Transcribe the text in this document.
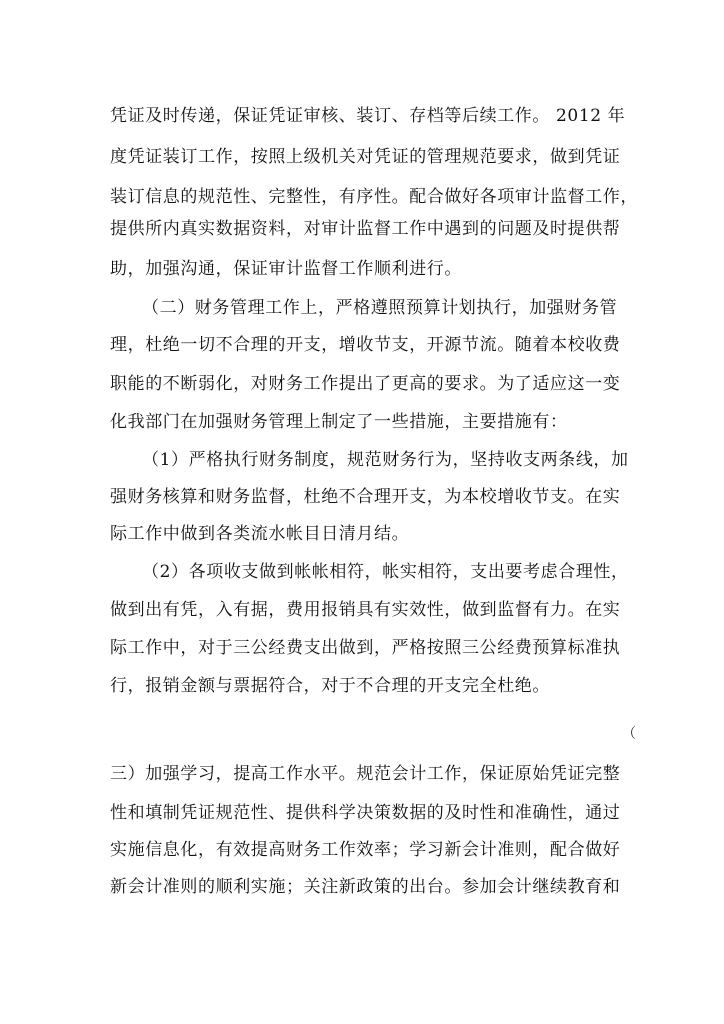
凭证及时传递，保证凭证审核、装订、存档等后续工作。 2012 年
度凭证装订工作，按照上级机关对凭证的管理规范要求，做到凭证
装订信息的规范性、完整性，有序性。配合做好各项审计监督工作，
提供所内真实数据资料，对审计监督工作中遇到的问题及时提供帮
助，加强沟通，保证审计监督工作顺利进行。
（二）财务管理工作上，严格遵照预算计划执行，加强财务管
理，杜绝一切不合理的开支，增收节支，开源节流。随着本校收费
职能的不断弱化，对财务工作提出了更高的要求。为了适应这一变
化我部门在加强财务管理上制定了一些措施，主要措施有：
（1）严格执行财务制度，规范财务行为，坚持收支两条线，加
强财务核算和财务监督，杜绝不合理开支，为本校增收节支。在实
际工作中做到各类流水帐目日清月结。
（2）各项收支做到帐帐相符，帐实相符，支出要考虑合理性，
做到出有凭，入有据，费用报销具有实效性，做到监督有力。在实
际工作中，对于三公经费支出做到，严格按照三公经费预算标准执
行，报销金额与票据符合，对于不合理的开支完全杜绝。
（
三）加强学习，提高工作水平。规范会计工作，保证原始凭证完整
性和填制凭证规范性、提供科学决策数据的及时性和准确性，通过
实施信息化，有效提高财务工作效率；学习新会计准则，配合做好
新会计准则的顺利实施；关注新政策的出台。参加会计继续教育和
